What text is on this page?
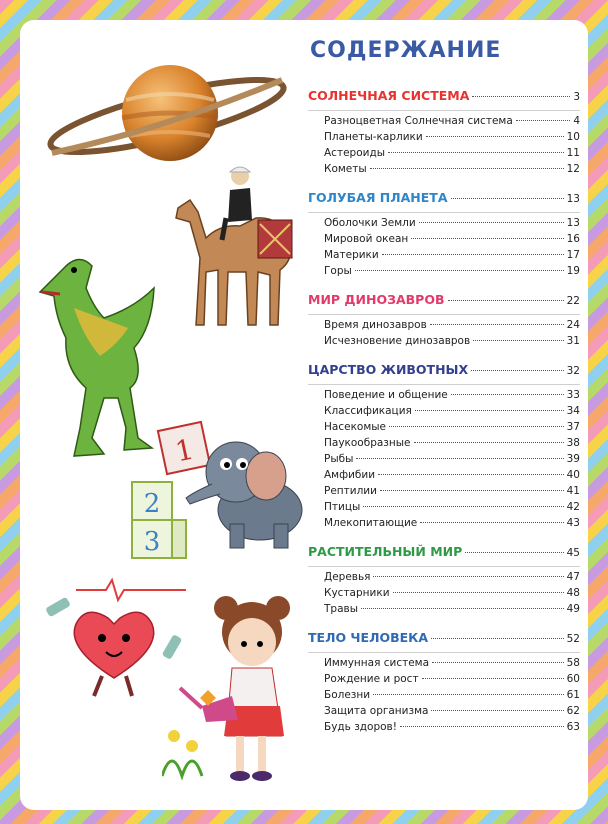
СОДЕРЖАНИЕ
1
2
3
СОЛНЕЧНАЯ СИСТЕМА	3
Разноцветная Солнечная система	4
Планеты-карлики	10
Астероиды	11
Кометы	12
ГОЛУБАЯ ПЛАНЕТА	13
Оболочки Земли	13
Мировой океан	16
Материки	17
Горы	19
МИР ДИНОЗАВРОВ	22
Время динозавров	24
Исчезновение динозавров	31
ЦАРСТВО ЖИВОТНЫХ	32
Поведение и общение	33
Классификация	34
Насекомые	37
Паукообразные	38
Рыбы	39
Амфибии	40
Рептилии	41
Птицы	42
Млекопитающие	43
РАСТИТЕЛЬНЫЙ МИР	45
Деревья	47
Кустарники	48
Травы	49
ТЕЛО ЧЕЛОВЕКА	52
Иммунная система	58
Рождение и рост	60
Болезни	61
Защита организма	62
Будь здоров!	63
